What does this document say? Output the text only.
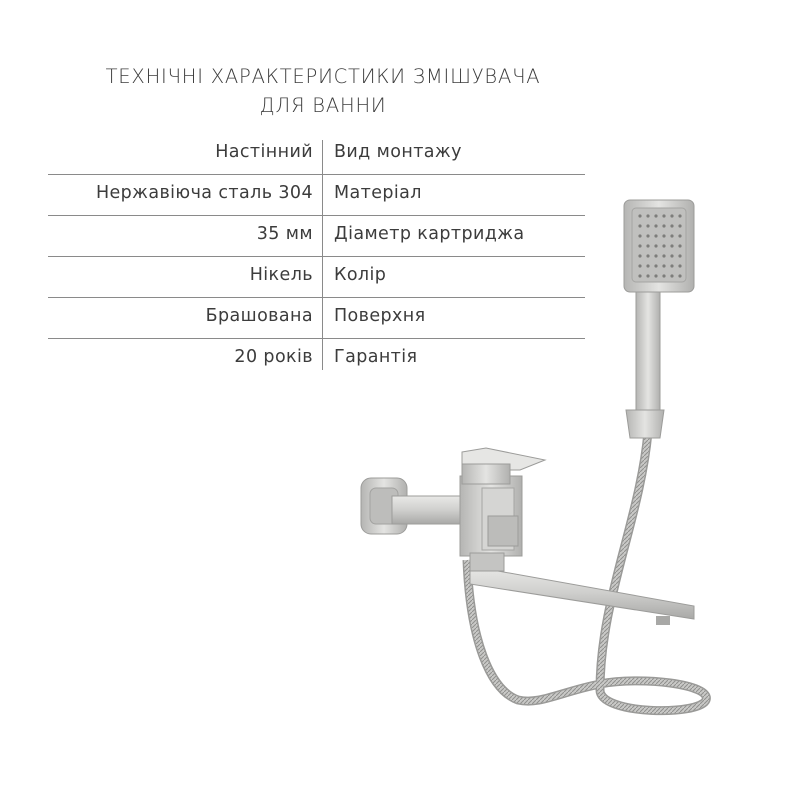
ТЕХНІЧНІ ХАРАКТЕРИСТИКИ ЗМІШУВАЧА
ДЛЯ ВАННИ
Настінний Вид монтажу
Нержавіюча сталь 304 Матеріал
35 мм Діаметр картриджа
Нікель Колір
Брашована Поверхня
20 років Гарантія
